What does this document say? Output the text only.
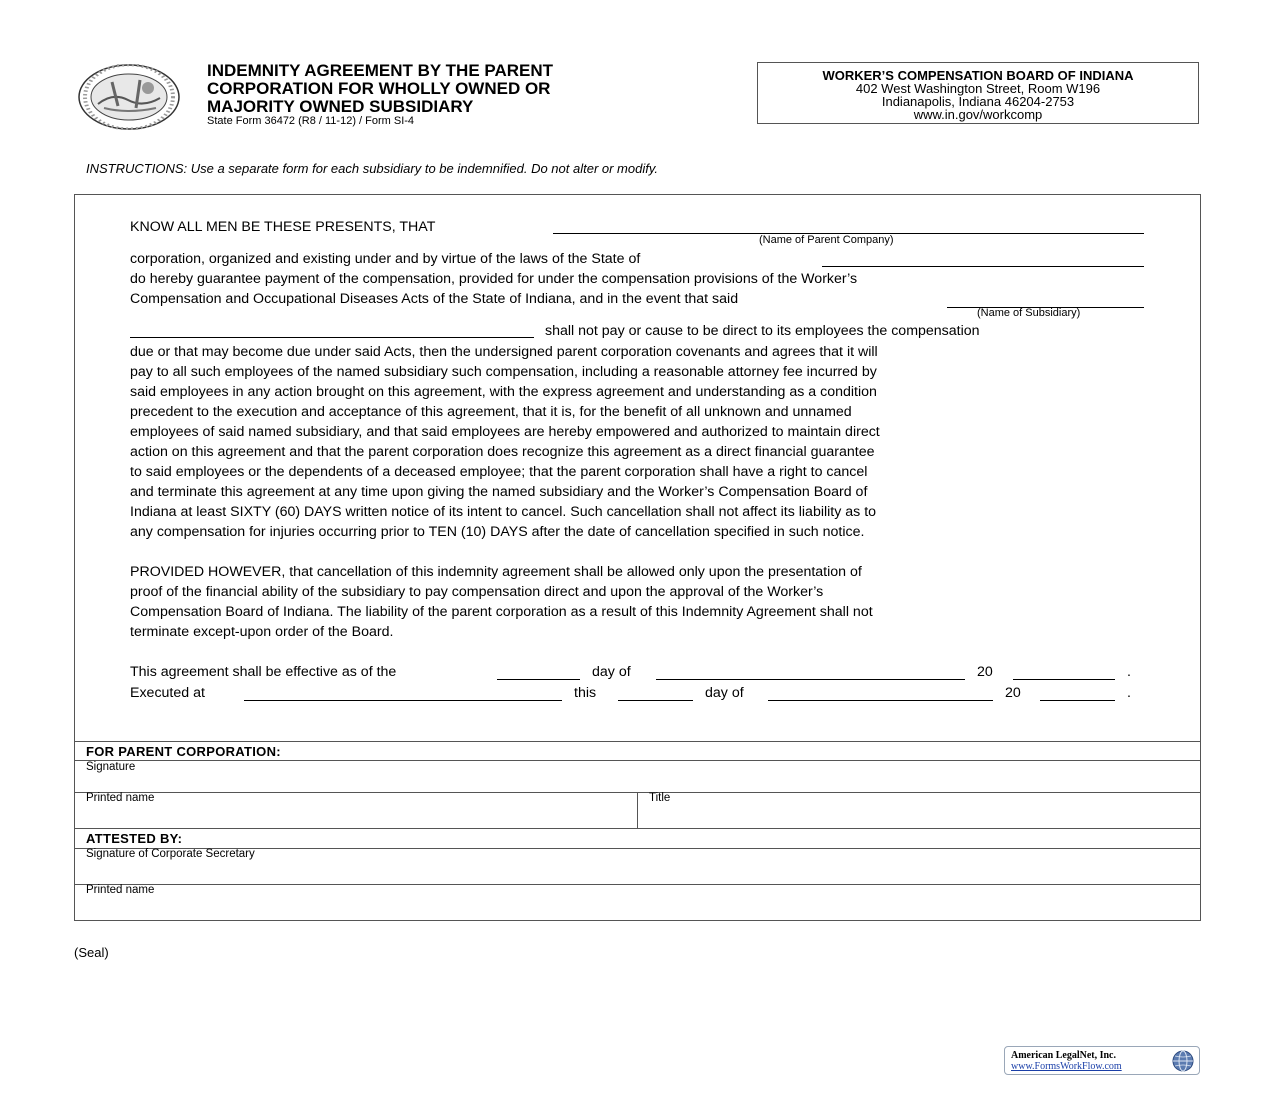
INDEMNITY AGREEMENT BY THE PARENT
CORPORATION FOR WHOLLY OWNED OR
MAJORITY OWNED SUBSIDIARY
State Form 36472 (R8 / 11-12) / Form SI-4
WORKER’S COMPENSATION BOARD OF INDIANA
402 West Washington Street, Room W196
Indianapolis, Indiana 46204-2753
www.in.gov/workcomp
INSTRUCTIONS: Use a separate form for each subsidiary to be indemnified. Do not alter or modify.
KNOW ALL MEN BE THESE PRESENTS, THAT
(Name of Parent Company)
corporation, organized and existing under and by virtue of the laws of the State of
do hereby guarantee payment of the compensation, provided for under the compensation provisions of the Worker’s
Compensation and Occupational Diseases Acts of the State of Indiana, and in the event that said
(Name of Subsidiary)
shall not pay or cause to be direct to its employees the compensation
due or that may become due under said Acts, then the undersigned parent corporation covenants and agrees that it will
pay to all such employees of the named subsidiary such compensation, including a reasonable attorney fee incurred by
said employees in any action brought on this agreement, with the express agreement and understanding as a condition
precedent to the execution and acceptance of this agreement, that it is, for the benefit of all unknown and unnamed
employees of said named subsidiary, and that said employees are hereby empowered and authorized to maintain direct
action on this agreement and that the parent corporation does recognize this agreement as a direct financial guarantee
to said employees or the dependents of a deceased employee; that the parent corporation shall have a right to cancel
and terminate this agreement at any time upon giving the named subsidiary and the Worker’s Compensation Board of
Indiana at least SIXTY (60) DAYS written notice of its intent to cancel. Such cancellation shall not affect its liability as to
any compensation for injuries occurring prior to TEN (10) DAYS after the date of cancellation specified in such notice.
PROVIDED HOWEVER, that cancellation of this indemnity agreement shall be allowed only upon the presentation of
proof of the financial ability of the subsidiary to pay compensation direct and upon the approval of the Worker’s
Compensation Board of Indiana. The liability of the parent corporation as a result of this Indemnity Agreement shall not
terminate except-upon order of the Board.
This agreement shall be effective as of the	day of	20	.
Executed at	this	day of	20	.
FOR PARENT CORPORATION:
Signature
Printed name	Title
ATTESTED BY:
Signature of Corporate Secretary
Printed name
(Seal)
American LegalNet, Inc.
www.FormsWorkFlow.com
